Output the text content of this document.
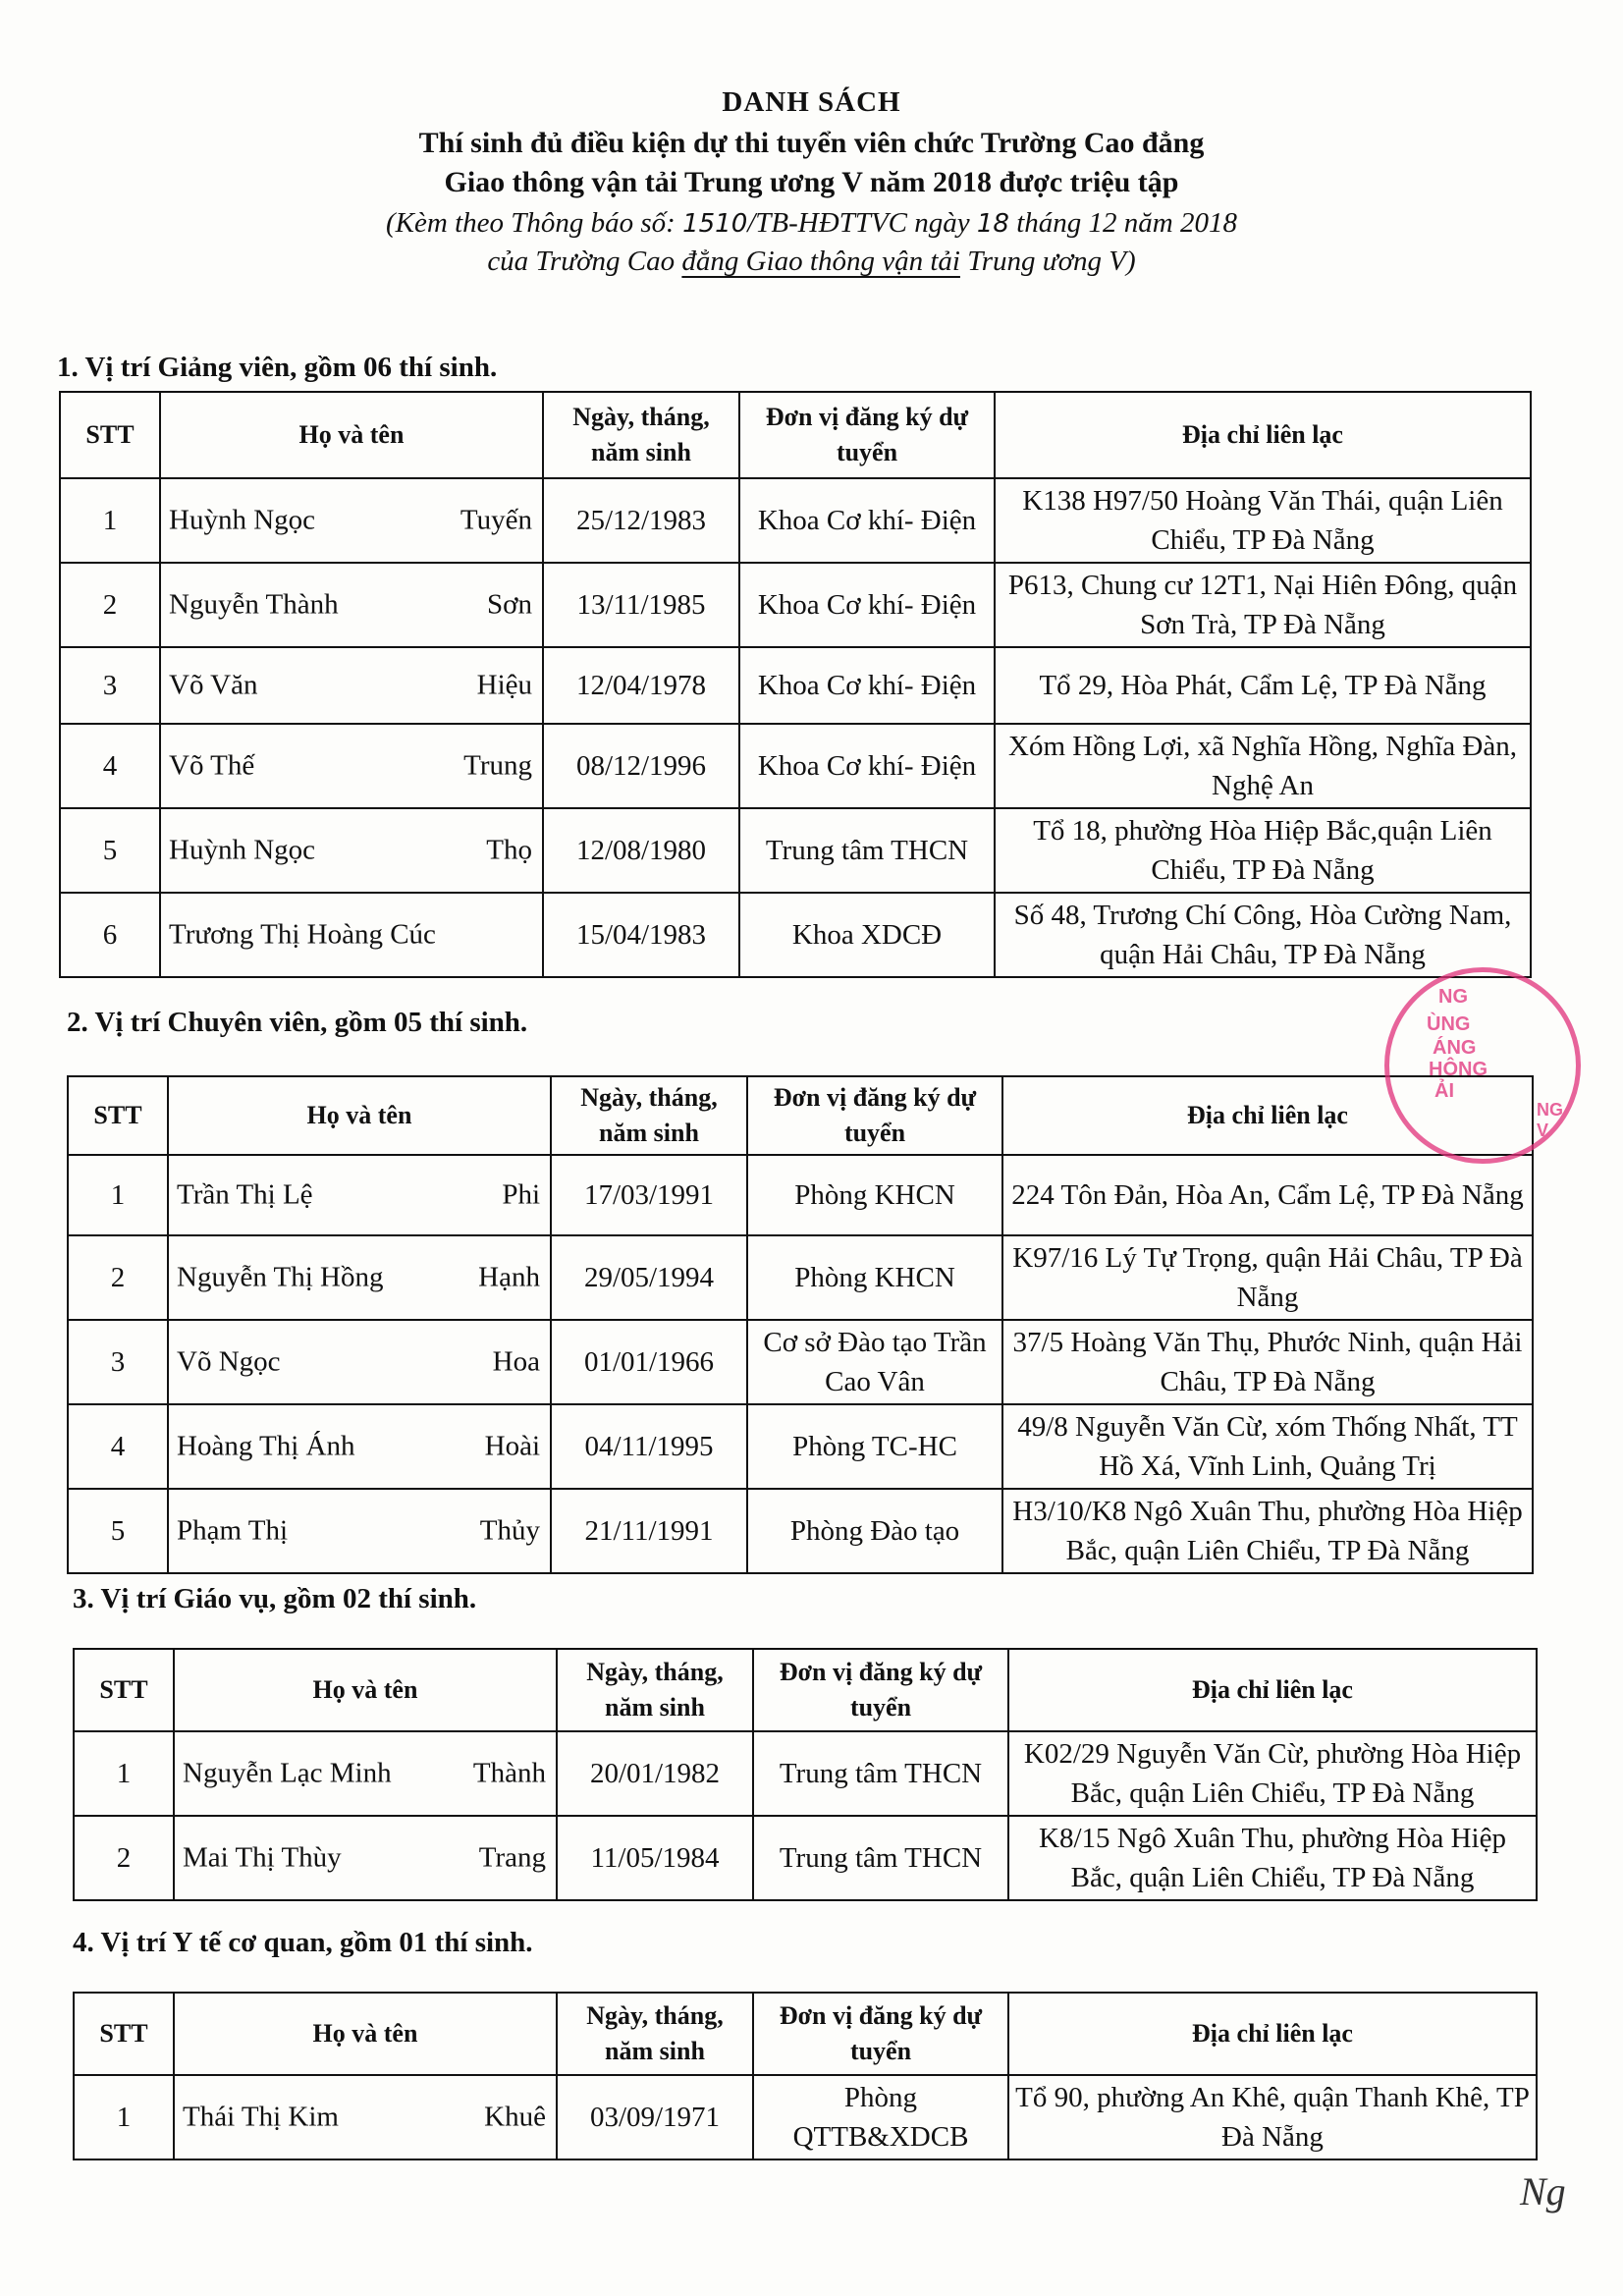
DANH SÁCH
Thí sinh đủ điều kiện dự thi tuyển viên chức Trường Cao đẳng
Giao thông vận tải Trung ương V năm 2018 được triệu tập
(Kèm theo Thông báo số: 1510/TB-HĐTTVC ngày 18 tháng 12 năm 2018
của Trường Cao đẳng Giao thông vận tải Trung ương V)
1. Vị trí Giảng viên, gồm 06 thí sinh.
STT	Họ và tên	Ngày, tháng, năm sinh	Đơn vị đăng ký dự tuyển	Địa chỉ liên lạc
1	Huỳnh Ngọc Tuyến	25/12/1983	Khoa Cơ khí- Điện	K138 H97/50 Hoàng Văn Thái, quận Liên Chiểu, TP Đà Nẵng
2	Nguyễn Thành Sơn	13/11/1985	Khoa Cơ khí- Điện	P613, Chung cư 12T1, Nại Hiên Đông, quận Sơn Trà, TP Đà Nẵng
3	Võ Văn Hiệu	12/04/1978	Khoa Cơ khí- Điện	Tổ 29, Hòa Phát, Cẩm Lệ, TP Đà Nẵng
4	Võ Thế Trung	08/12/1996	Khoa Cơ khí- Điện	Xóm Hồng Lợi, xã Nghĩa Hồng, Nghĩa Đàn, Nghệ An
5	Huỳnh Ngọc Thọ	12/08/1980	Trung tâm THCN	Tổ 18, phường Hòa Hiệp Bắc,quận Liên Chiểu, TP Đà Nẵng
6	Trương Thị Hoàng Cúc	15/04/1983	Khoa XDCĐ	Số 48, Trương Chí Công, Hòa Cường Nam, quận Hải Châu, TP Đà Nẵng
2. Vị trí Chuyên viên, gồm 05 thí sinh.
STT	Họ và tên	Ngày, tháng, năm sinh	Đơn vị đăng ký dự tuyển	Địa chỉ liên lạc
1	Trần Thị Lệ Phi	17/03/1991	Phòng KHCN	224 Tôn Đản, Hòa An, Cẩm Lệ, TP Đà Nẵng
2	Nguyễn Thị Hồng Hạnh	29/05/1994	Phòng KHCN	K97/16 Lý Tự Trọng, quận Hải Châu, TP Đà Nẵng
3	Võ Ngọc Hoa	01/01/1966	Cơ sở Đào tạo Trần Cao Vân	37/5 Hoàng Văn Thụ, Phước Ninh, quận Hải Châu, TP Đà Nẵng
4	Hoàng Thị Ánh Hoài	04/11/1995	Phòng TC-HC	49/8 Nguyễn Văn Cừ, xóm Thống Nhất, TT Hồ Xá, Vĩnh Linh, Quảng Trị
5	Phạm Thị Thủy	21/11/1991	Phòng Đào tạo	H3/10/K8 Ngô Xuân Thu, phường Hòa Hiệp Bắc, quận Liên Chiểu, TP Đà Nẵng
3. Vị trí Giáo vụ, gồm 02 thí sinh.
STT	Họ và tên	Ngày, tháng, năm sinh	Đơn vị đăng ký dự tuyển	Địa chỉ liên lạc
1	Nguyễn Lạc Minh Thành	20/01/1982	Trung tâm THCN	K02/29 Nguyễn Văn Cừ, phường Hòa Hiệp Bắc, quận Liên Chiểu, TP Đà Nẵng
2	Mai Thị Thùy Trang	11/05/1984	Trung tâm THCN	K8/15 Ngô Xuân Thu, phường Hòa Hiệp Bắc, quận Liên Chiểu, TP Đà Nẵng
4. Vị trí Y tế cơ quan, gồm 01 thí sinh.
STT	Họ và tên	Ngày, tháng, năm sinh	Đơn vị đăng ký dự tuyển	Địa chỉ liên lạc
1	Thái Thị Kim Khuê	03/09/1971	Phòng QTTB&XDCB	Tổ 90, phường An Khê, quận Thanh Khê, TP Đà Nẵng
NG
ÙNG
ÁNG
HÔNG
ẢI
NG V
Ng
